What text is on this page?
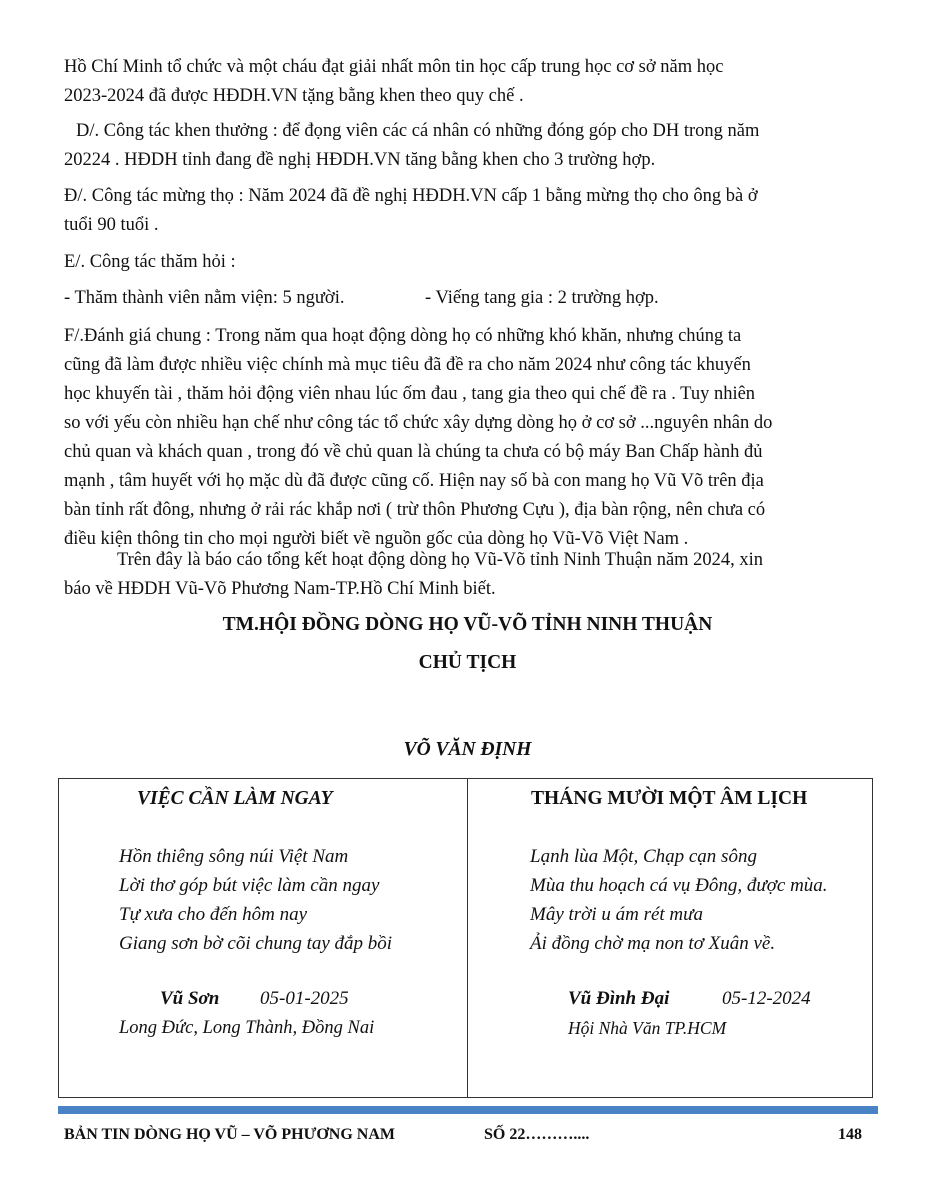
Hồ Chí Minh tổ chức và một cháu đạt giải nhất môn tin học cấp trung học cơ sở năm học
2023-2024 đã được HĐDH.VN tặng bằng khen theo quy chế .

D/. Công tác khen thưởng : để đọng viên các cá nhân có những đóng góp cho DH trong năm
20224 . HĐDH tỉnh đang đề nghị HĐDH.VN tăng bằng khen cho 3 trường hợp.

Đ/. Công tác mừng thọ : Năm 2024 đã đề nghị HĐDH.VN cấp 1 bằng mừng thọ cho ông bà ở
tuổi 90 tuổi .

E/. Công tác thăm hỏi :

- Thăm thành viên nằm viện: 5 người.	- Viếng tang gia : 2 trường hợp.

F/.Đánh giá chung : Trong năm qua hoạt động dòng họ có những khó khăn, nhưng chúng ta
cũng đã làm được nhiều việc chính mà mục tiêu đã đề ra cho năm 2024 như công tác khuyến
học khuyến tài , thăm hỏi động viên nhau lúc ốm đau , tang gia theo qui chế đề ra . Tuy nhiên
so với yếu còn nhiều hạn chế như công tác tổ chức xây dựng dòng họ ở cơ sở ...nguyên nhân do
chủ quan và khách quan , trong đó về chủ quan là chúng ta chưa có bộ máy Ban Chấp hành đủ
mạnh , tâm huyết với họ mặc dù đã được cũng cố. Hiện nay số bà con mang họ Vũ Võ trên địa
bàn tỉnh rất đông, nhưng ở rải rác khắp nơi ( trừ thôn Phương Cựu ), địa bàn rộng, nên chưa có
điều kiện thông tin cho mọi người biết về nguồn gốc của dòng họ Vũ-Võ Việt Nam .

Trên đây là báo cáo tổng kết hoạt động dòng họ Vũ-Võ tỉnh Ninh Thuận năm 2024, xin
báo về HĐDH Vũ-Võ Phương Nam-TP.Hồ Chí Minh biết.

TM.HỘI ĐỒNG DÒNG HỌ VŨ-VÕ TỈNH NINH THUẬN
CHỦ TỊCH
VÕ VĂN ĐỊNH
VIỆC CẦN LÀM NGAY
Hồn thiêng sông núi Việt Nam
Lời thơ góp bút việc làm cần ngay
Tự xưa cho đến hôm nay
Giang sơn bờ cõi chung tay đắp bồi
Vũ Sơn 05-01-2025
Long Đức, Long Thành, Đồng Nai
THÁNG MƯỜI MỘT ÂM LỊCH
Lạnh lùa Một, Chạp cạn sông
Mùa thu hoạch cá vụ Đông, được mùa.
Mây trời u ám rét mưa
Ải đồng chờ mạ non tơ Xuân về.
Vũ Đình Đại	05-12-2024
Hội Nhà Văn TP.HCM
BẢN TIN DÒNG HỌ VŨ – VÕ PHƯƠNG NAM	SỐ 22………....	148
